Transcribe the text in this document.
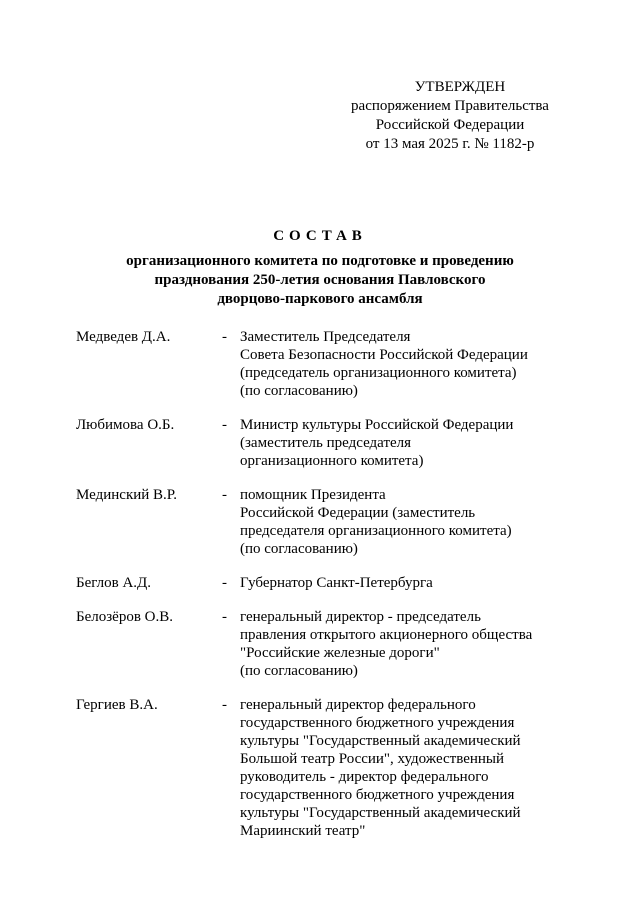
УТВЕРЖДЕН
распоряжением Правительства
Российской Федерации
от 13 мая 2025 г. № 1182-р
СОСТАВ
организационного комитета по подготовке и проведению
празднования 250-летия основания Павловского
дворцово-паркового ансамбля
Медведев Д.А.	- Заместитель Председателя
Совета Безопасности Российской Федерации
(председатель организационного комитета)
(по согласованию)
Любимова О.Б.	- Министр культуры Российской Федерации
(заместитель председателя
организационного комитета)
Мединский В.Р.	- помощник Президента
Российской Федерации (заместитель
председателя организационного комитета)
(по согласованию)
Беглов А.Д.	- Губернатор Санкт-Петербурга
Белозёров О.В.	- генеральный директор - председатель
правления открытого акционерного общества
"Российские железные дороги"
(по согласованию)
Гергиев В.А.	- генеральный директор федерального
государственного бюджетного учреждения
культуры "Государственный академический
Большой театр России", художественный
руководитель - директор федерального
государственного бюджетного учреждения
культуры "Государственный академический
Мариинский театр"
